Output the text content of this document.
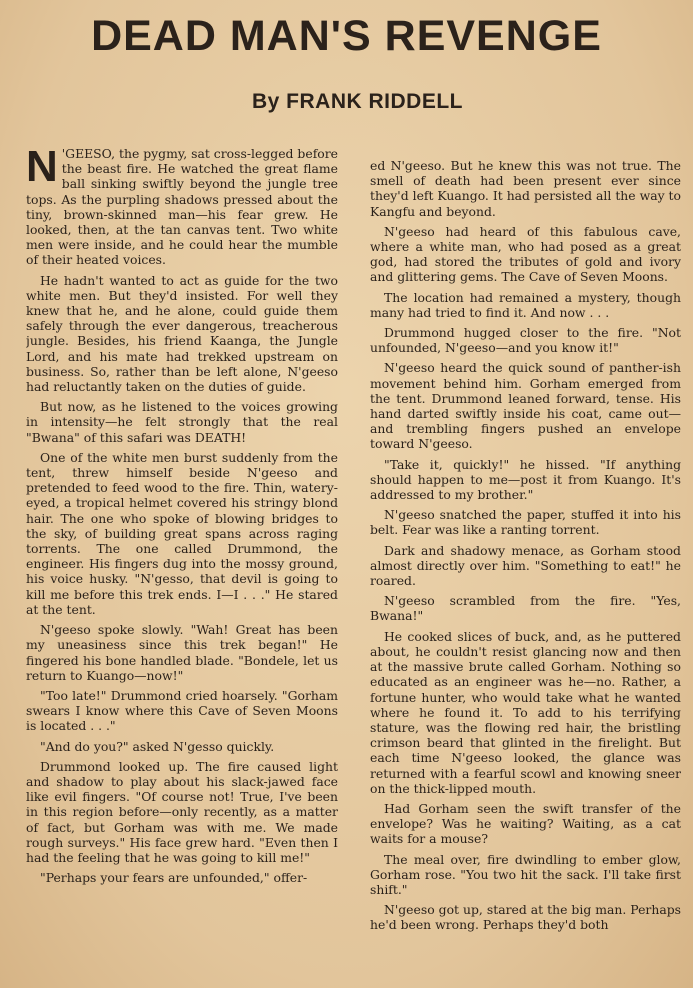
DEAD MAN'S REVENGE
By FRANK RIDDELL

N 'GEESO, the pygmy, sat cross-legged before the beast fire. He watched the great flame ball sinking swiftly beyond the jungle tree tops. As the purpling shadows pressed about the tiny, brown-skinned man—his fear grew. He looked, then, at the tan canvas tent. Two white men were inside, and he could hear the mumble of their heated voices.

He hadn't wanted to act as guide for the two white men. But they'd insisted. For well they knew that he, and he alone, could guide them safely through the ever dangerous, treacherous jungle. Besides, his friend Kaanga, the Jungle Lord, and his mate had trekked upstream on business. So, rather than be left alone, N'geeso had reluctantly taken on the duties of guide.

But now, as he listened to the voices growing in intensity—he felt strongly that the real "Bwana" of this safari was DEATH!

One of the white men burst suddenly from the tent, threw himself beside N'geeso and pretended to feed wood to the fire. Thin, watery-eyed, a tropical helmet covered his stringy blond hair. The one who spoke of blowing bridges to the sky, of building great spans across raging torrents. The one called Drummond, the engineer. His fingers dug into the mossy ground, his voice husky. "N'gesso, that devil is going to kill me before this trek ends. I—I . . ." He stared at the tent.

N'geeso spoke slowly. "Wah! Great has been my uneasiness since this trek began!" He fingered his bone handled blade. "Bondele, let us return to Kuango—now!"

"Too late!" Drummond cried hoarsely. "Gorham swears I know where this Cave of Seven Moons is located . . ."

"And do you?" asked N'gesso quickly.

Drummond looked up. The fire caused light and shadow to play about his slack-jawed face like evil fingers. "Of course not! True, I've been in this region before—only recently, as a matter of fact, but Gorham was with me. We made rough surveys." His face grew hard. "Even then I had the feeling that he was going to kill me!"

"Perhaps your fears are unfounded," offer-

ed N'geeso. But he knew this was not true. The smell of death had been present ever since they'd left Kuango. It had persisted all the way to Kangfu and beyond.

N'geeso had heard of this fabulous cave, where a white man, who had posed as a great god, had stored the tributes of gold and ivory and glittering gems. The Cave of Seven Moons.

The location had remained a mystery, though many had tried to find it. And now . . .

Drummond hugged closer to the fire. "Not unfounded, N'geeso—and you know it!"

N'geeso heard the quick sound of panther-ish movement behind him. Gorham emerged from the tent. Drummond leaned forward, tense. His hand darted swiftly inside his coat, came out—and trembling fingers pushed an envelope toward N'geeso.

"Take it, quickly!" he hissed. "If anything should happen to me—post it from Kuango. It's addressed to my brother."

N'geeso snatched the paper, stuffed it into his belt. Fear was like a ranting torrent.

Dark and shadowy menace, as Gorham stood almost directly over him. "Something to eat!" he roared.

N'geeso scrambled from the fire. "Yes, Bwana!"

He cooked slices of buck, and, as he puttered about, he couldn't resist glancing now and then at the massive brute called Gorham. Nothing so educated as an engineer was he—no. Rather, a fortune hunter, who would take what he wanted where he found it. To add to his terrifying stature, was the flowing red hair, the bristling crimson beard that glinted in the firelight. But each time N'geeso looked, the glance was returned with a fearful scowl and knowing sneer on the thick-lipped mouth.

Had Gorham seen the swift transfer of the envelope? Was he waiting? Waiting, as a cat waits for a mouse?

The meal over, fire dwindling to ember glow, Gorham rose. "You two hit the sack. I'll take first shift."

N'geeso got up, stared at the big man. Perhaps he'd been wrong. Perhaps they'd both
